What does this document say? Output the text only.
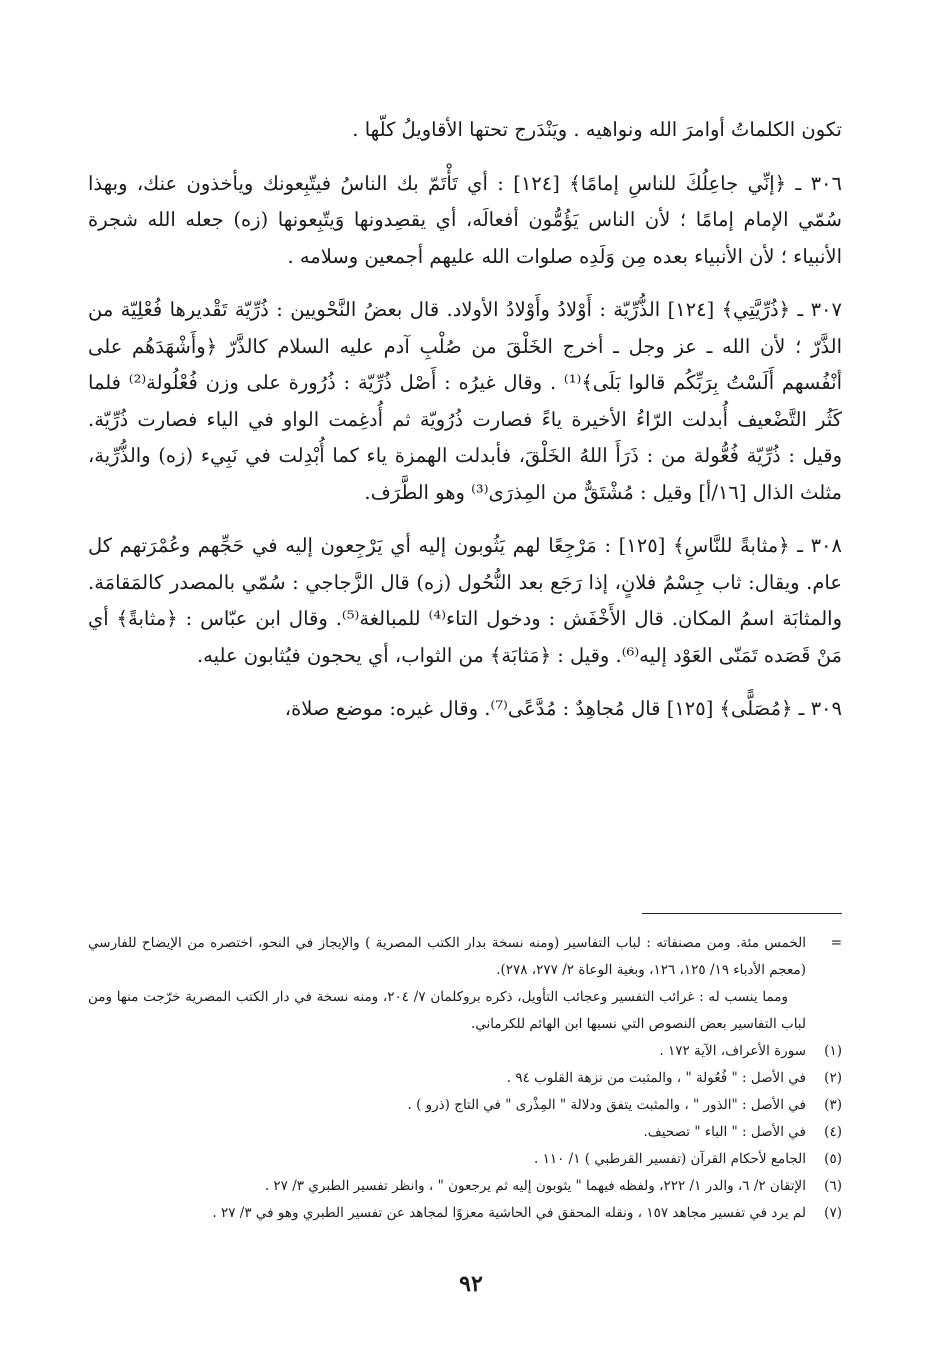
تكون الكلماتُ أوامرَ الله ونواهيه . ويَنْدَرج تحتها الأقاويلُ كلّها .

٣٠٦ ـ ﴿إنِّي جاعِلُكَ للناسِ إمامًا﴾ [١٢٤] : أي تَأْتَمّ بك الناسُ فيتّبِعونك ويأخذون عنك، وبهذا سُمّي الإمام إمامًا ؛ لأن الناس يَؤُمُّون أفعالَه، أي يقصِدونها وَيتّبِعونها (زه) جعله الله شجرة الأنبياء ؛ لأن الأنبياء بعده مِن وَلَدِه صلوات الله عليهم أجمعين وسلامه .

٣٠٧ ـ ﴿ذُرِّيَّتِي﴾ [١٢٤] الذُّرِّيّة : أَوْلادُ وأَوْلادُ الأولاد. قال بعضُ النَّحْويين : ذُرِّيّة تَقْديرها فُعْلِيّة من الذَّرّ ؛ لأن الله ـ عز وجل ـ أخرج الخَلْقَ من صُلْبِ آدم عليه السلام كالذَّرّ ﴿وأَشْهَدَهُم على أنْفُسهم أَلَسْتُ بِرَبِّكُم قالوا بَلَى﴾⁽¹⁾ . وقال غيرُه : أَصْل ذُرِّيّة : ذُرُورة على وزن فُعْلُولة⁽²⁾ فلما كَثُر التَّضْعيف أُبدلت الرّاءُ الأخيرة ياءً فصارت ذُرُويّة ثم أُدغِمت الواو في الياء فصارت ذُرِّيّة. وقيل : ذُرِّيّة فُعُّولة من : ذَرَأَ اللهُ الخَلْقَ، فأبدلت الهمزة ياء كما أُبْدِلت في نَبِيء (زه) والذُّرِّية، مثلث الذال [١٦/أ] وقيل : مُشْتَقٌّ من المِذرَى⁽³⁾ وهو الطَّرَف.

٣٠٨ ـ ﴿مثابةً للنَّاسِ﴾ [١٢٥] : مَرْجِعًا لهم يَثُوبون إليه أي يَرْجِعون إليه في حَجِّهم وعُمْرَتهم كل عام. ويقال: ثاب جِسْمُ فلانٍ، إذا رَجَع بعد النُّحُول (زه) قال الزَّجاجي : سُمّي بالمصدر كالمَقامَة. والمثابَة اسمُ المكان. قال الأَخْفَش : ودخول التاء⁽⁴⁾ للمبالغة⁽⁵⁾. وقال ابن عبّاس : ﴿مثابةً﴾ أي مَنْ قَصَده تَمَنّى العَوْد إليه⁽⁶⁾. وقيل : ﴿مَثابَة﴾ من الثواب، أي يحجون فيُثابون عليه.

٣٠٩ ـ ﴿مُصَلًّى﴾ [١٢٥] قال مُجاهِدٌ : مُدَّعًى⁽⁷⁾. وقال غيره: موضع صلاة،

=
الخمس مئة. ومن مصنفاته : لباب التفاسير (ومنه نسخة بدار الكتب المصرية ) والإيجاز في النحو، اختصره من الإيضاح للفارسي (معجم الأدباء ١٩/ ١٢٥، ١٢٦، وبغية الوعاة ٢/ ٢٧٧، ٢٧٨).

ومما ينسب له : غرائب التفسير وعجائب التأويل، ذكره بروكلمان ٧/ ٢٠٤، ومنه نسخة في دار الكتب المصرية خرّجت منها ومن لباب التفاسير بعض النصوص التي نسبها ابن الهائم للكرماني.

(١)
سورة الأعراف، الآية ١٧٢ .

(٢)
في الأصل : " فُعُولة " ، والمثبت من نزهة القلوب ٩٤ .

(٣)
في الأصل : "الذور " ، والمثبت يتفق ودلالة " المِذْرى " في التاج (ذرو ) .

(٤)
في الأصل : " الباء " تصحيف.

(٥)
الجامع لأحكام القرآن (تفسير القرطبي ) ١/ ١١٠ .

(٦)
الإتقان ٢/ ٦، والدر ١/ ٢٢٢، ولفظه فيهما " يثوبون إليه ثم يرجعون " ، وانظر تفسير الطبري ٣/ ٢٧ .

(٧)
لم يرد في تفسير مجاهد ١٥٧ ، ونقله المحقق في الحاشية معزوًا لمجاهد عن تفسير الطبري وهو في ٣/ ٢٧ .

٩٢
